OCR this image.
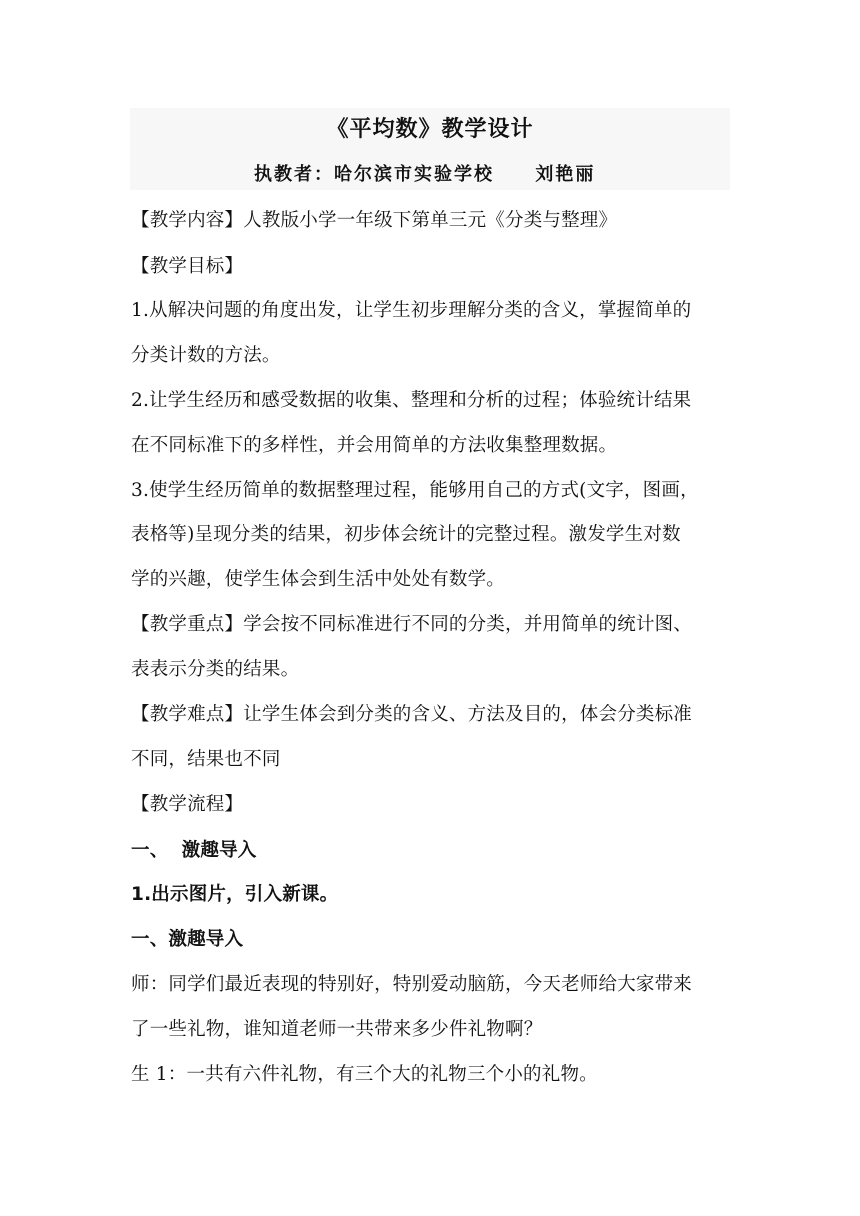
《平均数》教学设计
执教者：哈尔滨市实验学校     刘艳丽
【教学内容】人教版小学一年级下第单三元《分类与整理》
【教学目标】
1.从解决问题的角度出发，让学生初步理解分类的含义，掌握简单的
分类计数的方法。
2.让学生经历和感受数据的收集、整理和分析的过程；体验统计结果
在不同标准下的多样性，并会用简单的方法收集整理数据。
3.使学生经历简单的数据整理过程，能够用自己的方式(文字，图画，
表格等)呈现分类的结果，初步体会统计的完整过程。激发学生对数
学的兴趣，使学生体会到生活中处处有数学。
【教学重点】学会按不同标准进行不同的分类，并用简单的统计图、
表表示分类的结果。
【教学难点】让学生体会到分类的含义、方法及目的，体会分类标准
不同，结果也不同
【教学流程】
一、  激趣导入
1.出示图片，引入新课。
一、激趣导入
师：同学们最近表现的特别好，特别爱动脑筋，今天老师给大家带来
了一些礼物，谁知道老师一共带来多少件礼物啊？
生 1：一共有六件礼物，有三个大的礼物三个小的礼物。
